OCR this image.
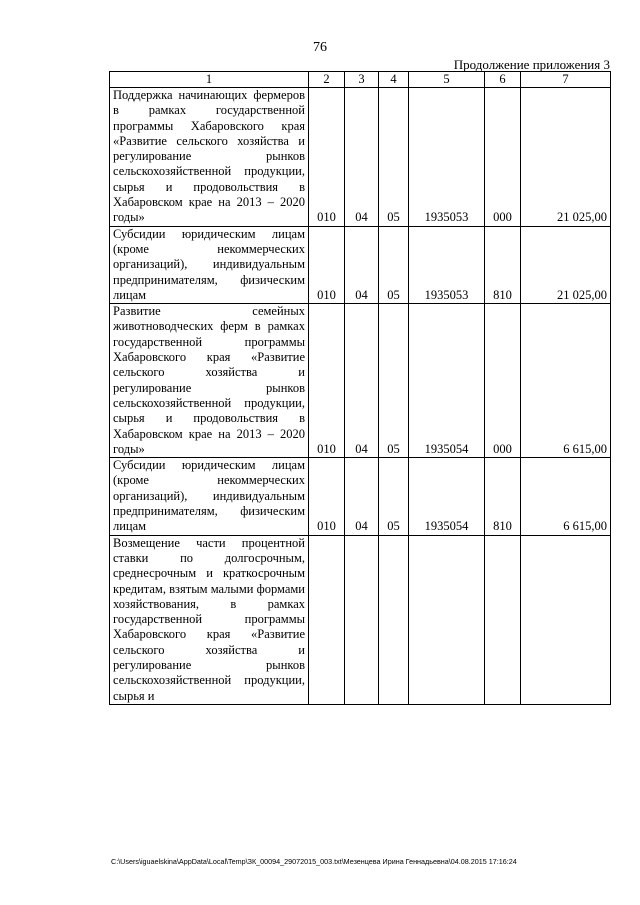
76
Продолжение приложения 3
1	2	3	4	5	6	7

Поддержка начинающих фермеров в рамках государственной программы Хабаровского края «Развитие сельского хозяйства и регулирование рынков сельскохозяйственной продукции, сырья и продовольствия в Хабаровском крае на 2013 – 2020 годы»	010	04	05	1935053	000	21 025,00

Субсидии юридическим лицам (кроме некоммерческих организаций), индивидуальным предпринимателям, физическим лицам	010	04	05	1935053	810	21 025,00

Развитие семейных животноводческих ферм в рамках государственной программы Хабаровского края «Развитие сельского хозяйства и регулирование рынков сельскохозяйственной продукции, сырья и продовольствия в Хабаровском крае на 2013 – 2020 годы»	010	04	05	1935054	000	6 615,00

Субсидии юридическим лицам (кроме некоммерческих организаций), индивидуальным предпринимателям, физическим лицам	010	04	05	1935054	810	6 615,00

Возмещение части процентной ставки по долгосрочным, среднесрочным и краткосрочным кредитам, взятым малыми формами хозяйствования, в рамках государственной программы Хабаровского края «Развитие сельского хозяйства и регулирование рынков сельскохозяйственной продукции, сырья и						

C:\Users\iguaelskina\AppData\Local\Temp\ЗК_00094_29072015_003.txt\Мезенцева Ирина Геннадьевна\04.08.2015 17:16:24
